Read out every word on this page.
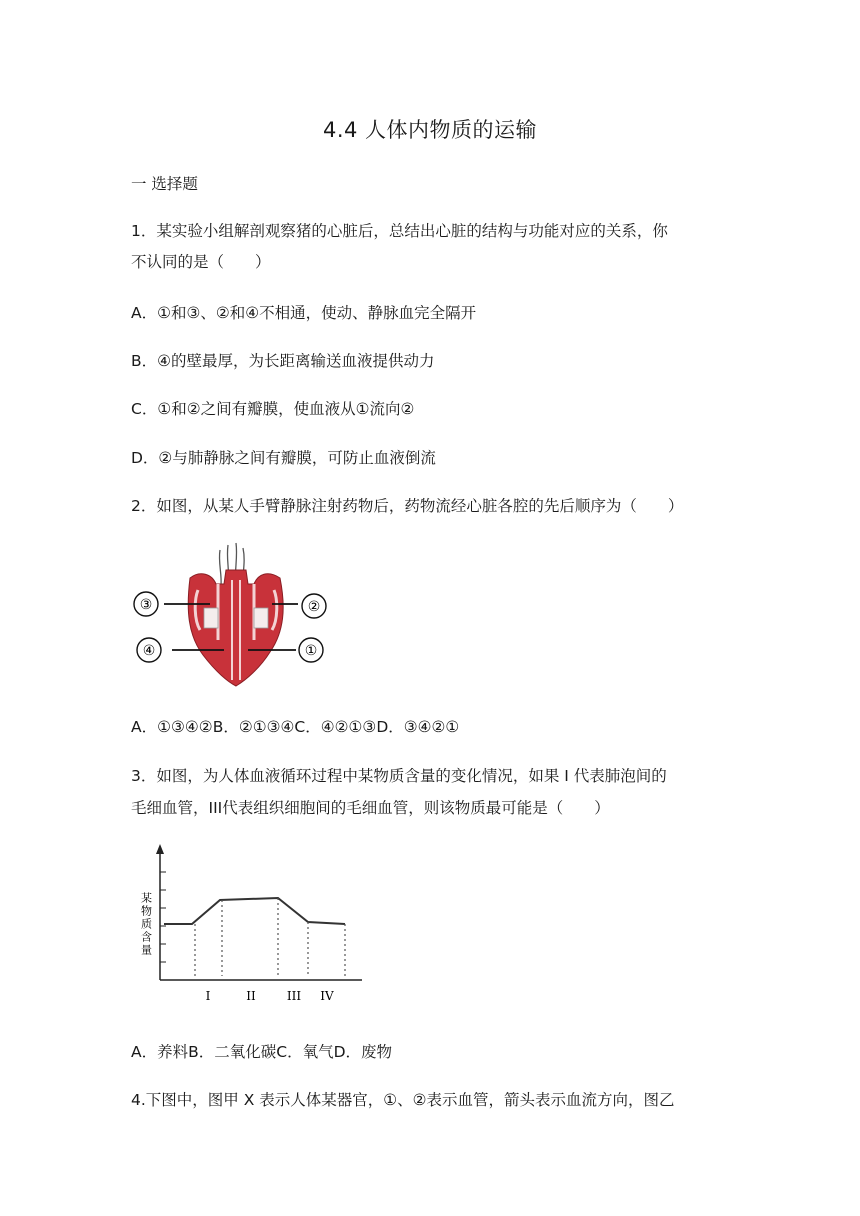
4.4 人体内物质的运输
一 选择题
1．某实验小组解剖观察猪的心脏后，总结出心脏的结构与功能对应的关系，你
不认同的是（　　）
A．①和③、②和④不相通，使动、静脉血完全隔开
B．④的壁最厚，为长距离输送血液提供动力
C．①和②之间有瓣膜，使血液从①流向②
D．②与肺静脉之间有瓣膜，可防止血液倒流
2．如图，从某人手臂静脉注射药物后，药物流经心脏各腔的先后顺序为（　　）
③	②
④	①
A．①③④②B．②①③④C．④②①③D．③④②①
3．如图，为人体血液循环过程中某物质含量的变化情况，如果 I 代表肺泡间的
毛细血管，III代表组织细胞间的毛细血管，则该物质最可能是（　　）
某物质含量
I	II	III IV
A．养料B．二氧化碳C．氧气D．废物
4.下图中，图甲 X 表示人体某器官，①、②表示血管，箭头表示血流方向，图乙
